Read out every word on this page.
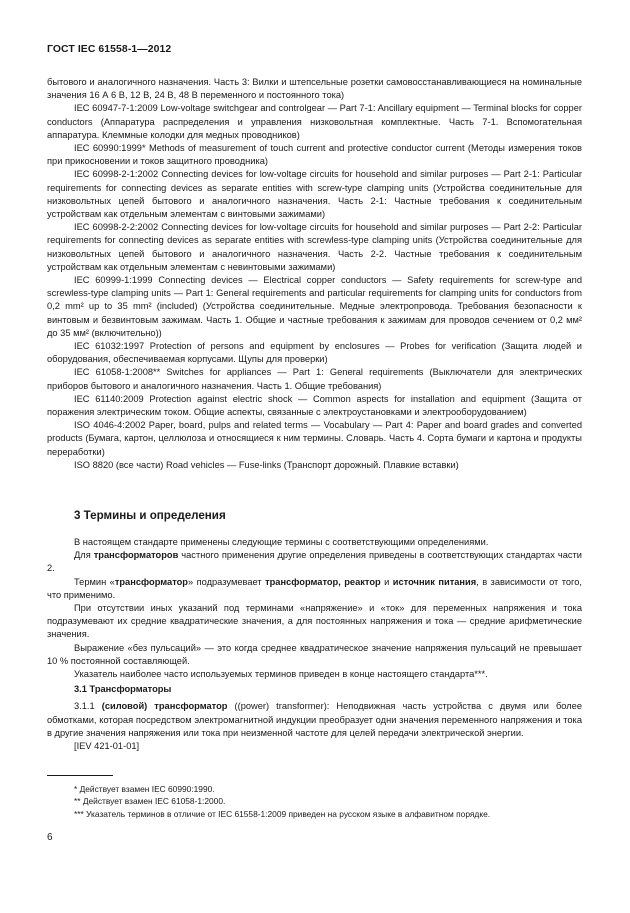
ГОСТ IEC 61558-1—2012

бытового и аналогичного назначения. Часть 3: Вилки и штепсельные розетки самовосстанавливающиеся на номинальные значения 16 А 6 В, 12 В, 24 В, 48 В переменного и постоянного тока)

IEC 60947-7-1:2009 Low-voltage switchgear and controlgear — Part 7-1: Ancillary equipment — Terminal blocks for copper conductors (Аппаратура распределения и управления низковольтная комплектные. Часть 7-1. Вспомогательная аппаратура. Клеммные колодки для медных проводников)

IEC 60990:1999* Methods of measurement of touch current and protective conductor current (Методы измерения токов при прикосновении и токов защитного проводника)

IEC 60998-2-1:2002 Connecting devices for low-voltage circuits for household and similar purposes — Part 2-1: Particular requirements for connecting devices as separate entities with screw-type clamping units (Устройства соединительные для низковольтных цепей бытового и аналогичного назначения. Часть 2-1: Частные требования к соединительным устройствам как отдельным элементам с винтовыми зажимами)

IEC 60998-2-2:2002 Connecting devices for low-voltage circuits for household and similar purposes — Part 2-2: Particular requirements for connecting devices as separate entities with screwless-type clamping units (Устройства соединительные для низковольтных цепей бытового и аналогичного назначения. Часть 2-2. Частные требования к соединительным устройствам как отдельным элементам с невинтовыми зажимами)

IEC 60999-1:1999 Connecting devices — Electrical copper conductors — Safety requirements for screw-type and screwless-type clamping units — Part 1: General requirements and particular requirements for clamping units for conductors from 0,2 mm² up to 35 mm² (included) (Устройства соединительные. Медные электропровода. Требования безопасности к винтовым и безвинтовым зажимам. Часть 1. Общие и частные требования к зажимам для проводов сечением от 0,2 мм² до 35 мм² (включительно))

IEC 61032:1997 Protection of persons and equipment by enclosures — Probes for verification (Защита людей и оборудования, обеспечиваемая корпусами. Щупы для проверки)

IEC 61058-1:2008** Switches for appliances — Part 1: General requirements (Выключатели для электрических приборов бытового и аналогичного назначения. Часть 1. Общие требования)

IEC 61140:2009 Protection against electric shock — Common aspects for installation and equipment (Защита от поражения электрическим током. Общие аспекты, связанные с электроустановками и электрооборудованием)

ISO 4046-4:2002 Paper, board, pulps and related terms — Vocabulary — Part 4: Paper and board grades and converted products (Бумага, картон, целлюлоза и относящиеся к ним термины. Словарь. Часть 4. Сорта бумаги и картона и продукты переработки)

ISO 8820 (все части) Road vehicles — Fuse-links (Транспорт дорожный. Плавкие вставки)

3 Термины и определения

В настоящем стандарте применены следующие термины с соответствующими определениями.

Для трансформаторов частного применения другие определения приведены в соответствующих стандартах части 2.

Термин «трансформатор» подразумевает трансформатор, реактор и источник питания, в зависимости от того, что применимо.

При отсутствии иных указаний под терминами «напряжение» и «ток» для переменных напряжения и тока подразумевают их средние квадратические значения, а для постоянных напряжения и тока — средние арифметические значения.

Выражение «без пульсаций» — это когда среднее квадратическое значение напряжения пульсаций не превышает 10 % постоянной составляющей.

Указатель наиболее часто используемых терминов приведен в конце настоящего стандарта***.

3.1 Трансформаторы

3.1.1 (силовой) трансформатор ((power) transformer): Неподвижная часть устройства с двумя или более обмотками, которая посредством электромагнитной индукции преобразует одни значения переменного напряжения и тока в другие значения напряжения или тока при неизменной частоте для целей передачи электрической энергии.

[IEV 421-01-01]

* Действует взамен IEC 60990:1990.

** Действует взамен IEC 61058-1:2000.

*** Указатель терминов в отличие от IEC 61558-1:2009 приведен на русском языке в алфавитном порядке.

6
